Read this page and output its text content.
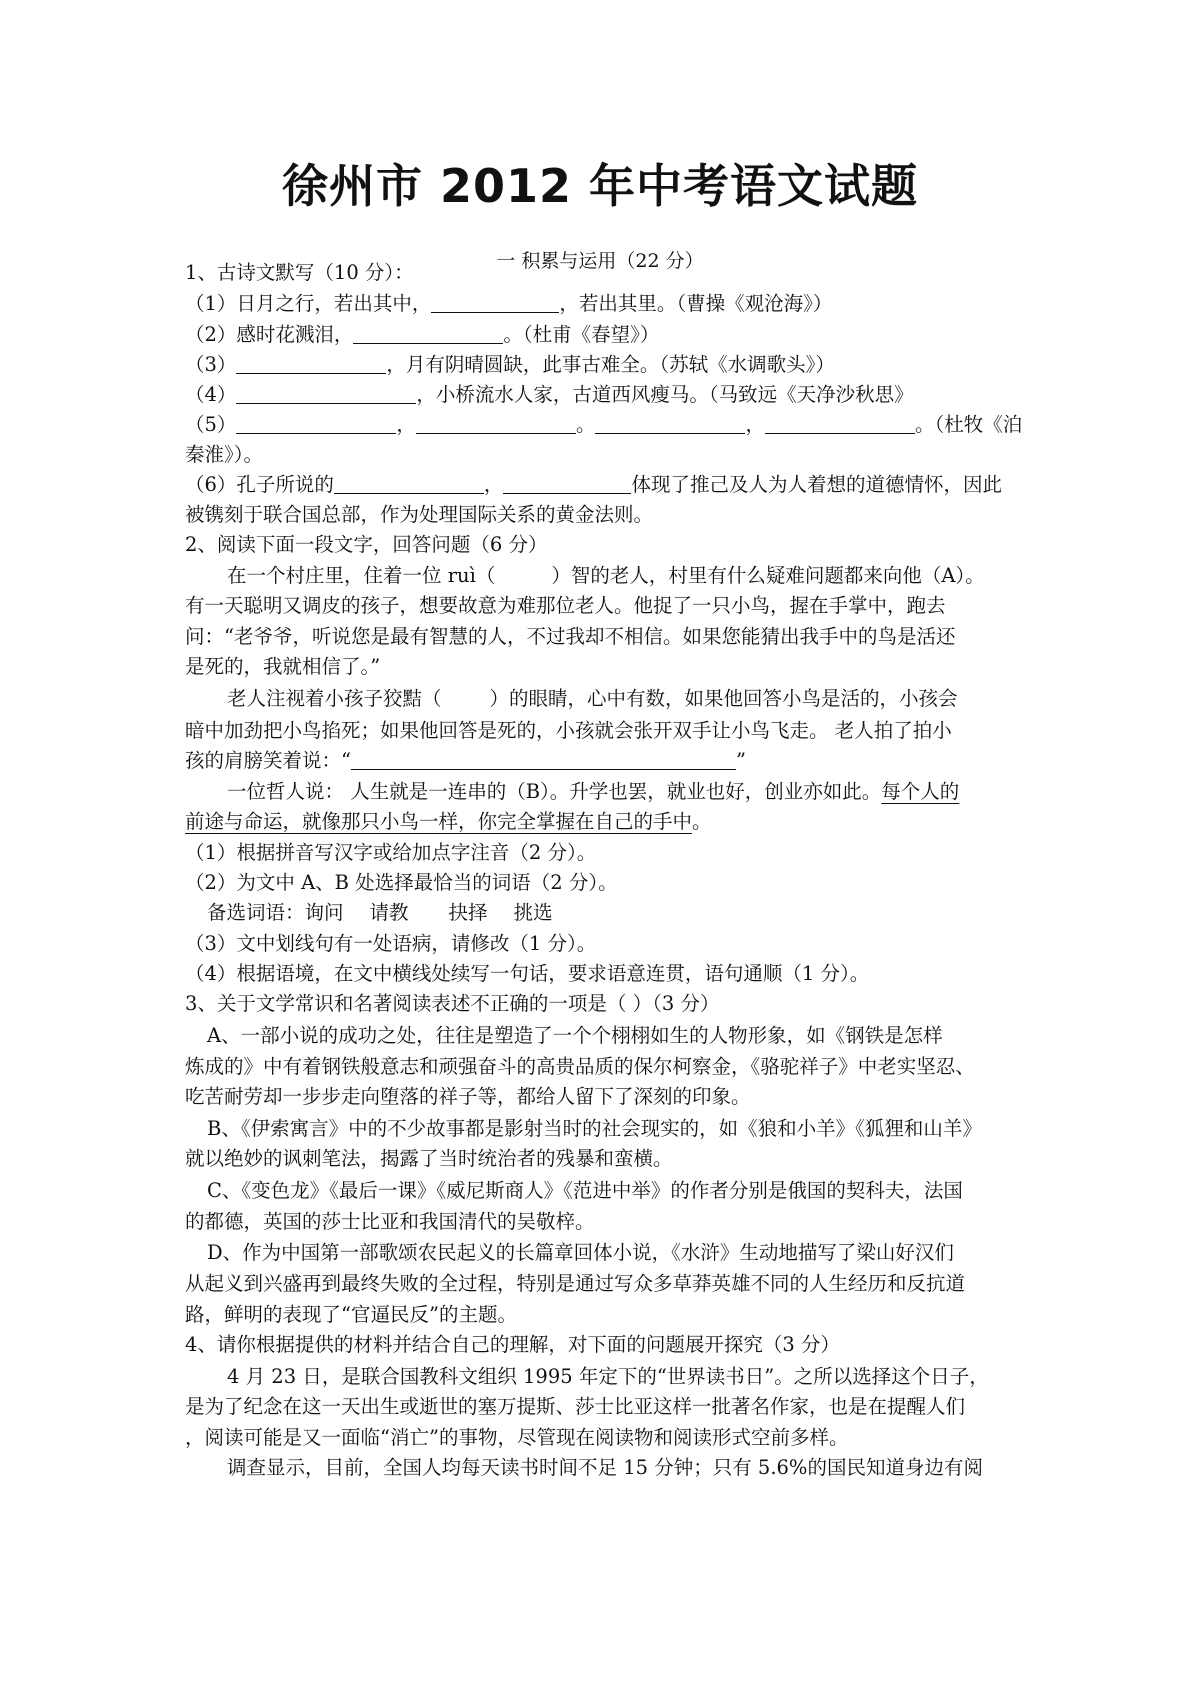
徐州市 2012 年中考语文试题
一 积累与运用（22 分）
1、古诗文默写（10 分）：
（1）日月之行，若出其中，	，若出其里。（曹操《观沧海》）
（2）感时花溅泪，	。（杜甫《春望》）
（3）	，月有阴晴圆缺，此事古难全。（苏轼《水调歌头》）
（4）	，小桥流水人家，古道西风瘦马。（马致远《天净沙秋思》
（5）	，	。	，	。（杜牧《泊
秦淮》）。
（6）孔子所说的	，	体现了推己及人为人着想的道德情怀，因此
被镌刻于联合国总部，作为处理国际关系的黄金法则。
2、阅读下面一段文字，回答问题（6 分）
在一个村庄里，住着一位 ruì（	）智的老人，村里有什么疑难问题都来向他（A）。
有一天聪明又调皮的孩子，想要故意为难那位老人。他捉了一只小鸟，握在手掌中，跑去
问：“老爷爷，听说您是最有智慧的人，不过我却不相信。如果您能猜出我手中的鸟是活还
是死的，我就相信了。”
老人注视着小孩子狡黠（ ）的眼睛，心中有数，如果他回答小鸟是活的，小孩会
暗中加劲把小鸟掐死；如果他回答是死的，小孩就会张开双手让小鸟飞走。 老人拍了拍小
孩的肩膀笑着说：“	”
一位哲人说： 人生就是一连串的（B）。升学也罢，就业也好，创业亦如此。每个人的
前途与命运，就像那只小鸟一样，你完全掌握在自己的手中。
（1）根据拼音写汉字或给加点字注音（2 分）。
（2）为文中 A、B 处选择最恰当的词语（2 分）。
备选词语：询问 请教 抉择 挑选
（3）文中划线句有一处语病，请修改（1 分）。
（4）根据语境，在文中横线处续写一句话，要求语意连贯，语句通顺（1 分）。
3、关于文学常识和名著阅读表述不正确的一项是（ ）（3 分）
A、一部小说的成功之处，往往是塑造了一个个栩栩如生的人物形象，如《钢铁是怎样
炼成的》中有着钢铁般意志和顽强奋斗的高贵品质的保尔柯察金，《骆驼祥子》中老实坚忍、
吃苦耐劳却一步步走向堕落的祥子等，都给人留下了深刻的印象。
B、《伊索寓言》中的不少故事都是影射当时的社会现实的，如《狼和小羊》《狐狸和山羊》
就以绝妙的讽刺笔法，揭露了当时统治者的残暴和蛮横。
C、《变色龙》《最后一课》《威尼斯商人》《范进中举》的作者分别是俄国的契科夫，法国
的都德，英国的莎士比亚和我国清代的吴敬梓。
D、作为中国第一部歌颂农民起义的长篇章回体小说，《水浒》生动地描写了梁山好汉们
从起义到兴盛再到最终失败的全过程，特别是通过写众多草莽英雄不同的人生经历和反抗道
路，鲜明的表现了“官逼民反”的主题。
4、请你根据提供的材料并结合自己的理解，对下面的问题展开探究（3 分）
4 月 23 日，是联合国教科文组织 1995 年定下的“世界读书日”。之所以选择这个日子，
是为了纪念在这一天出生或逝世的塞万提斯、莎士比亚这样一批著名作家，也是在提醒人们
，阅读可能是又一面临“消亡”的事物，尽管现在阅读物和阅读形式空前多样。
调查显示，目前，全国人均每天读书时间不足 15 分钟；只有 5.6%的国民知道身边有阅
